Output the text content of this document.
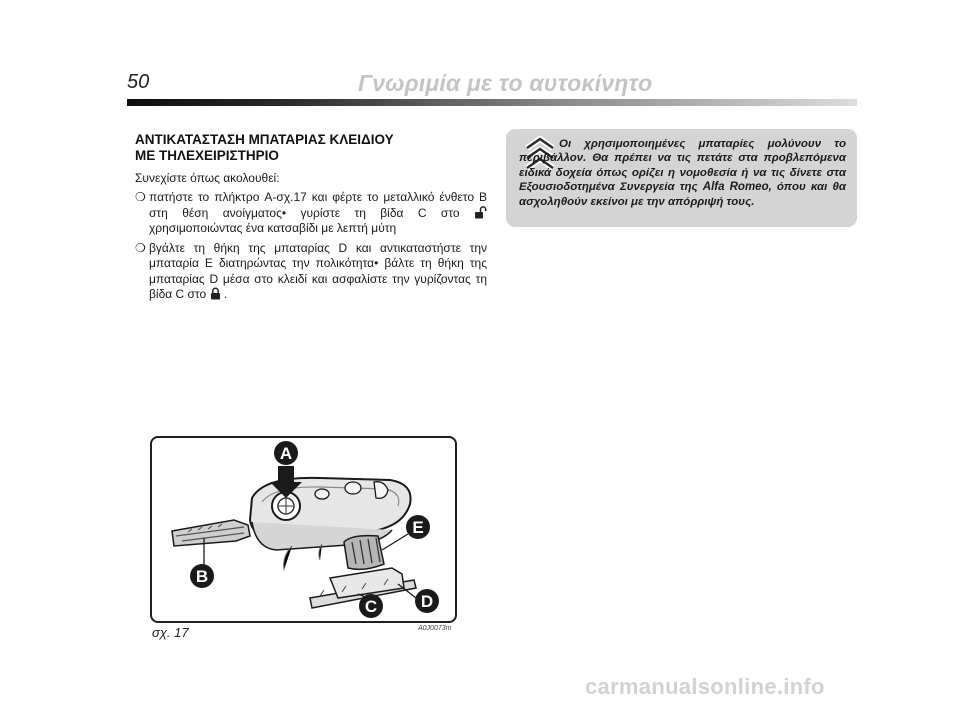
50	Γνωριμία με το αυτοκίνητο
ΑΝΤΙΚΑΤΑΣΤΑΣΗ ΜΠΑΤΑΡΙΑΣ ΚΛΕΙΔΙΟΥ
ΜΕ ΤΗΛΕΧΕΙΡΙΣΤΗΡΙΟ

Συνεχίστε όπως ακολουθεί:

❍ πατήστε το πλήκτρο A-σχ.17 και φέρτε το μεταλλικό ένθετο B στη θέση ανοίγματος• γυρίστε τη βίδα C στο  χρησιμοποιώντας ένα κατσαβίδι με λεπτή μύτη
❍ βγάλτε τη θήκη της μπαταρίας D και αντικαταστήστε την μπαταρία E διατηρώντας την πολικότητα• βάλτε τη θήκη της μπαταρίας D μέσα στο κλειδί και ασφαλίστε την γυρίζοντας τη βίδα C στο .
Οι χρησιμοποιημένες μπαταρίες μολύνουν το περιβάλλον. Θα πρέπει να τις πετάτε στα προβλεπόμενα ειδικά δοχεία όπως ορίζει η νομοθεσία ή να τις δίνετε στα Εξουσιοδοτημένα Συνεργεία της Alfa Romeo, όπου και θα ασχοληθούν εκείνοι με την απόρριψή τους.
A
B
C	D
E
σχ. 17	A0J0073m
carmanualsonline.info
